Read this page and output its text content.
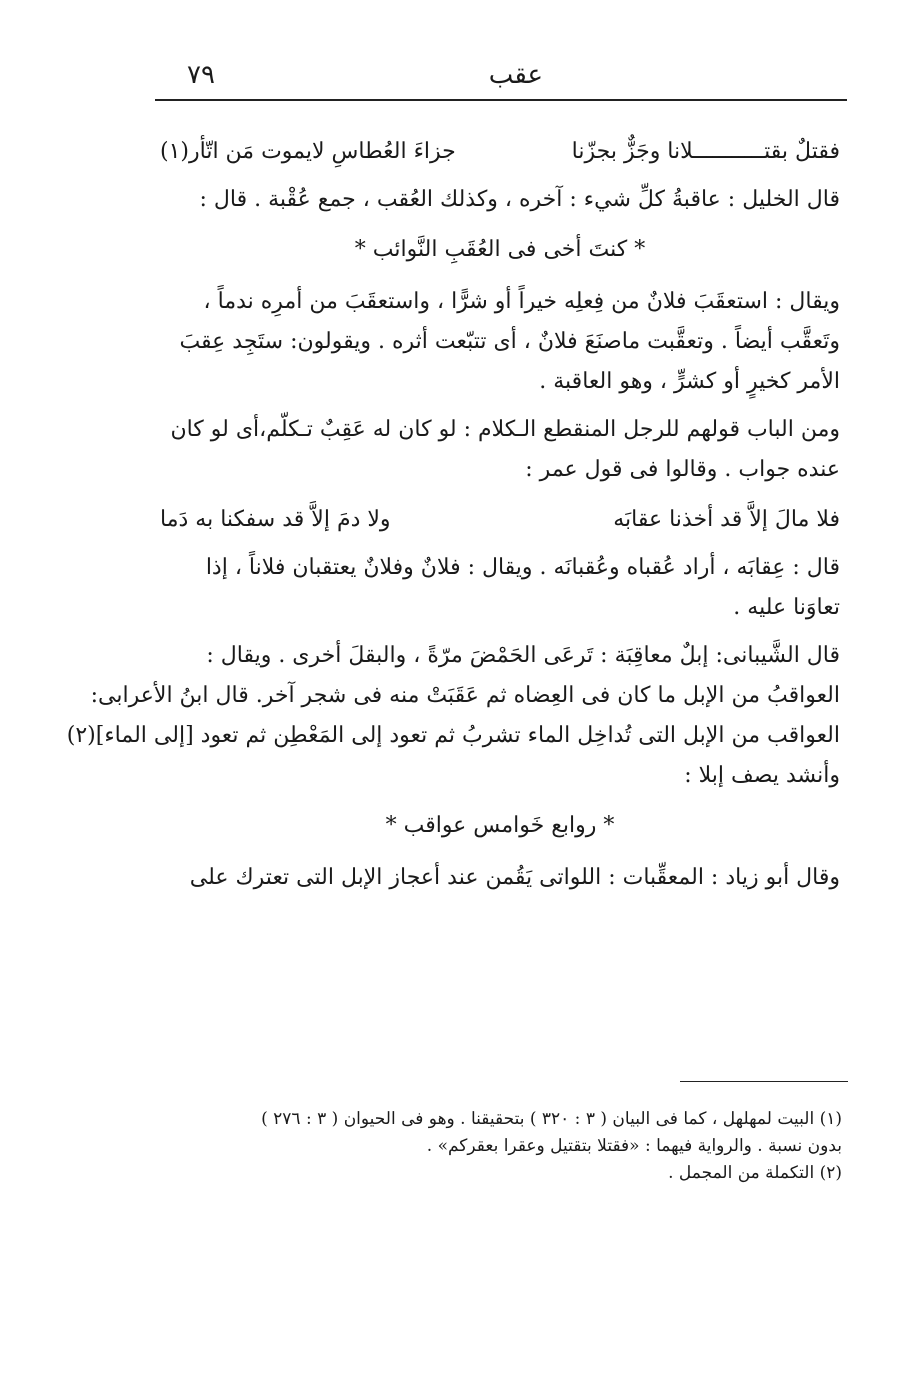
عقب
٧٩
فقتلٌ بقتـــــــــــلانا وجَزٌّ بجزّنا
جزاءَ العُطاسِ لايموت مَن اتّأر(١)

قال الخليل : عاقبةُ كلِّ شيء : آخره ، وكذلك العُقب ، جمع عُقْبة . قال :

* كنتَ أخى فى العُقَبِ النَّوائب *

ويقال : استعقَبَ فلانٌ من فِعلِه خيراً أو شرًّا ، واستعقَبَ من أمرِه ندماً ،
وتَعقَّب أيضاً . وتعقَّبت ماصنَعَ فلانٌ ، أى تتبّعت أثره . ويقولون: ستَجِد عِقبَ
الأمر كخيرٍ أو كشرٍّ ، وهو العاقبة .

ومن الباب قولهم للرجل المنقطع الـكلام : لو كان له عَقِبٌ تـكلّم،أى لو كان
عنده جواب . وقالوا فى قول عمر :

فلا مالَ إلاَّ قد أخذنا عقابَه
ولا دمَ إلاَّ قد سفكنا به دَما

قال : عِقابَه ، أراد عُقباه وعُقبانَه . ويقال : فلانٌ وفلانٌ يعتقبان فلاناً ، إذا
تعاوَنا عليه .

قال الشَّيبانى: إبلٌ معاقِبَة : تَرعَى الحَمْضَ مرّةً ، والبقلَ أخرى . ويقال :
العواقبُ من الإبل ما كان فى العِضاه ثم عَقَبَتْ منه فى شجر آخر. قال ابنُ الأعرابى:
العواقب من الإبل التى تُداخِل الماء تشربُ ثم تعود إلى المَعْطِن ثم تعود [إلى الماء](٢)
وأنشد يصف إبلا :

* روابع خَوامس عواقب *

وقال أبو زياد : المعقِّبات : اللواتى يَقُمن عند أعجاز الإبل التى تعترك على

(١) البيت لمهلهل ، كما فى البيان ( ٣ : ٣٢٠ ) بتحقيقنا . وهو فى الحيوان ( ٣ : ٢٧٦ )
بدون نسبة . والرواية فيهما : «فقتلا بتقتيل وعقرا بعقركم» .
(٢) التكملة من المجمل .
